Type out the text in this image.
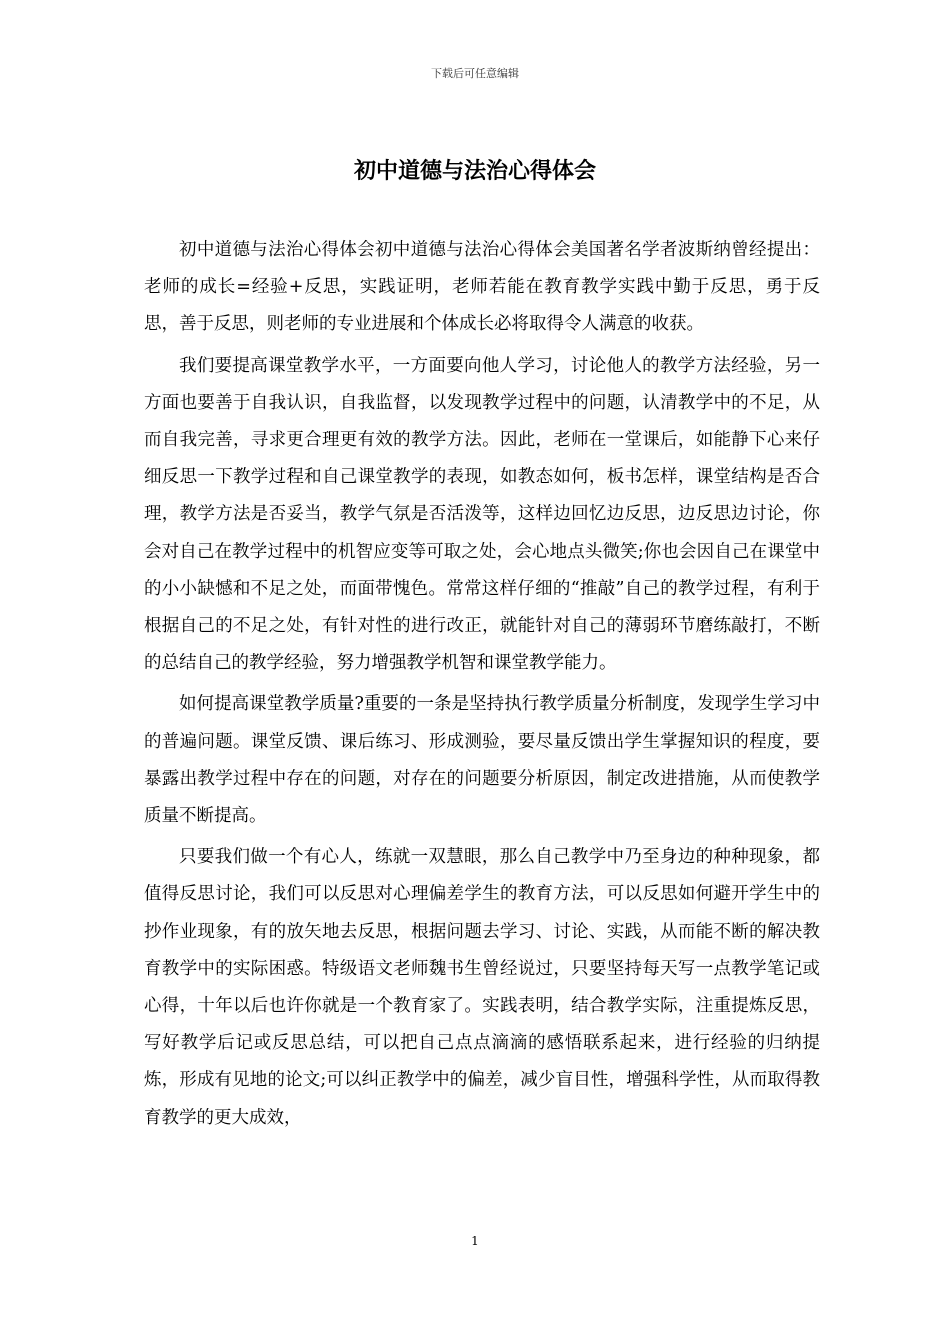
下载后可任意编辑
初中道德与法治心得体会

初中道德与法治心得体会初中道德与法治心得体会美国著名学者波斯纳曾经提出：老师的成长=经验+反思，实践证明，老师若能在教育教学实践中勤于反思，勇于反思，善于反思，则老师的专业进展和个体成长必将取得令人满意的收获。

我们要提高课堂教学水平，一方面要向他人学习，讨论他人的教学方法经验，另一方面也要善于自我认识，自我监督，以发现教学过程中的问题，认清教学中的不足，从而自我完善，寻求更合理更有效的教学方法。因此，老师在一堂课后，如能静下心来仔细反思一下教学过程和自己课堂教学的表现，如教态如何，板书怎样，课堂结构是否合理，教学方法是否妥当，教学气氛是否活泼等，这样边回忆边反思，边反思边讨论，你会对自己在教学过程中的机智应变等可取之处，会心地点头微笑;你也会因自己在课堂中的小小缺憾和不足之处，而面带愧色。常常这样仔细的“推敲”自己的教学过程，有利于根据自己的不足之处，有针对性的进行改正，就能针对自己的薄弱环节磨练敲打，不断的总结自己的教学经验，努力增强教学机智和课堂教学能力。

如何提高课堂教学质量?重要的一条是坚持执行教学质量分析制度，发现学生学习中的普遍问题。课堂反馈、课后练习、形成测验，要尽量反馈出学生掌握知识的程度，要暴露出教学过程中存在的问题，对存在的问题要分析原因，制定改进措施，从而使教学质量不断提高。

只要我们做一个有心人，练就一双慧眼，那么自己教学中乃至身边的种种现象，都值得反思讨论，我们可以反思对心理偏差学生的教育方法，可以反思如何避开学生中的抄作业现象，有的放矢地去反思，根据问题去学习、讨论、实践，从而能不断的解决教育教学中的实际困惑。特级语文老师魏书生曾经说过，只要坚持每天写一点教学笔记或心得，十年以后也许你就是一个教育家了。实践表明，结合教学实际，注重提炼反思，写好教学后记或反思总结，可以把自己点点滴滴的感悟联系起来，进行经验的归纳提炼，形成有见地的论文;可以纠正教学中的偏差，减少盲目性，增强科学性，从而取得教育教学的更大成效，

1
